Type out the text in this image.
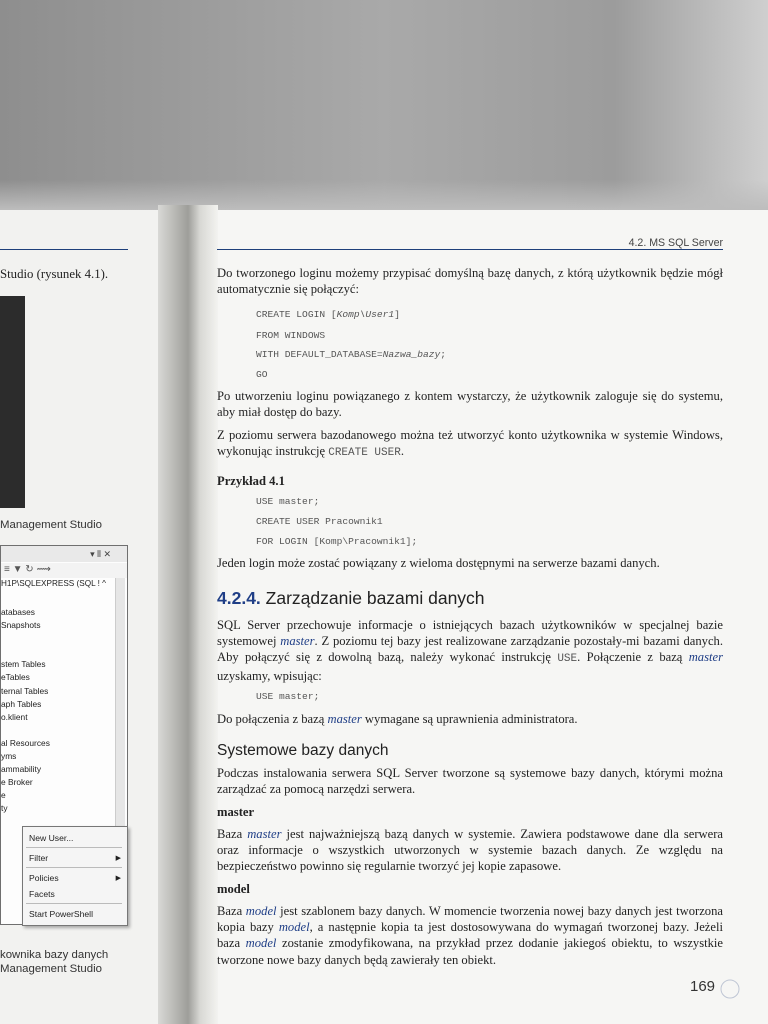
Studio (rysunek 4.1).

Management Studio

▾ ⫴ ✕
≡ ▼ ↻ ⟿
H1P\SQLEXPRESS (SQL ! ^
atabases
Snapshots

stem Tables
eTables
ternal Tables
aph Tables
o.klient

al Resources
yms
ammability
e Broker
e
ty
New User...
Filter	▶
Policies	▶
Facets
Start PowerShell

kownika bazy danych

Management Studio

4.2. MS SQL Server

Do tworzonego loginu możemy przypisać domyślną bazę danych, z którą użytkownik będzie mógł automatycznie się połączyć:

CREATE LOGIN [Komp\User1]
FROM WINDOWS
WITH DEFAULT_DATABASE=Nazwa_bazy;
GO

Po utworzeniu loginu powiązanego z kontem wystarczy, że użytkownik zaloguje się do systemu, aby miał dostęp do bazy.

Z poziomu serwera bazodanowego można też utworzyć konto użytkownika w systemie Windows, wykonując instrukcję CREATE USER.

Przykład 4.1

USE master;
CREATE USER Pracownik1
FOR LOGIN [Komp\Pracownik1];

Jeden login może zostać powiązany z wieloma dostępnymi na serwerze bazami danych.

4.2.4. Zarządzanie bazami danych

SQL Server przechowuje informacje o istniejących bazach użytkowników w specjalnej bazie systemowej master. Z poziomu tej bazy jest realizowane zarządzanie pozostały-mi bazami danych. Aby połączyć się z dowolną bazą, należy wykonać instrukcję USE. Połączenie z bazą master uzyskamy, wpisując:

USE master;

Do połączenia z bazą master wymagane są uprawnienia administratora.

Systemowe bazy danych

Podczas instalowania serwera SQL Server tworzone są systemowe bazy danych, którymi można zarządzać za pomocą narzędzi serwera.

master

Baza master jest najważniejszą bazą danych w systemie. Zawiera podstawowe dane dla serwera oraz informacje o wszystkich utworzonych w systemie bazach danych. Ze względu na bezpieczeństwo powinno się regularnie tworzyć jej kopie zapasowe.

model

Baza model jest szablonem bazy danych. W momencie tworzenia nowej bazy danych jest tworzona kopia bazy model, a następnie kopia ta jest dostosowywana do wymagań tworzonej bazy. Jeżeli baza model zostanie zmodyfikowana, na przykład przez dodanie jakiegoś obiektu, to wszystkie tworzone nowe bazy danych będą zawierały ten obiekt.

169
